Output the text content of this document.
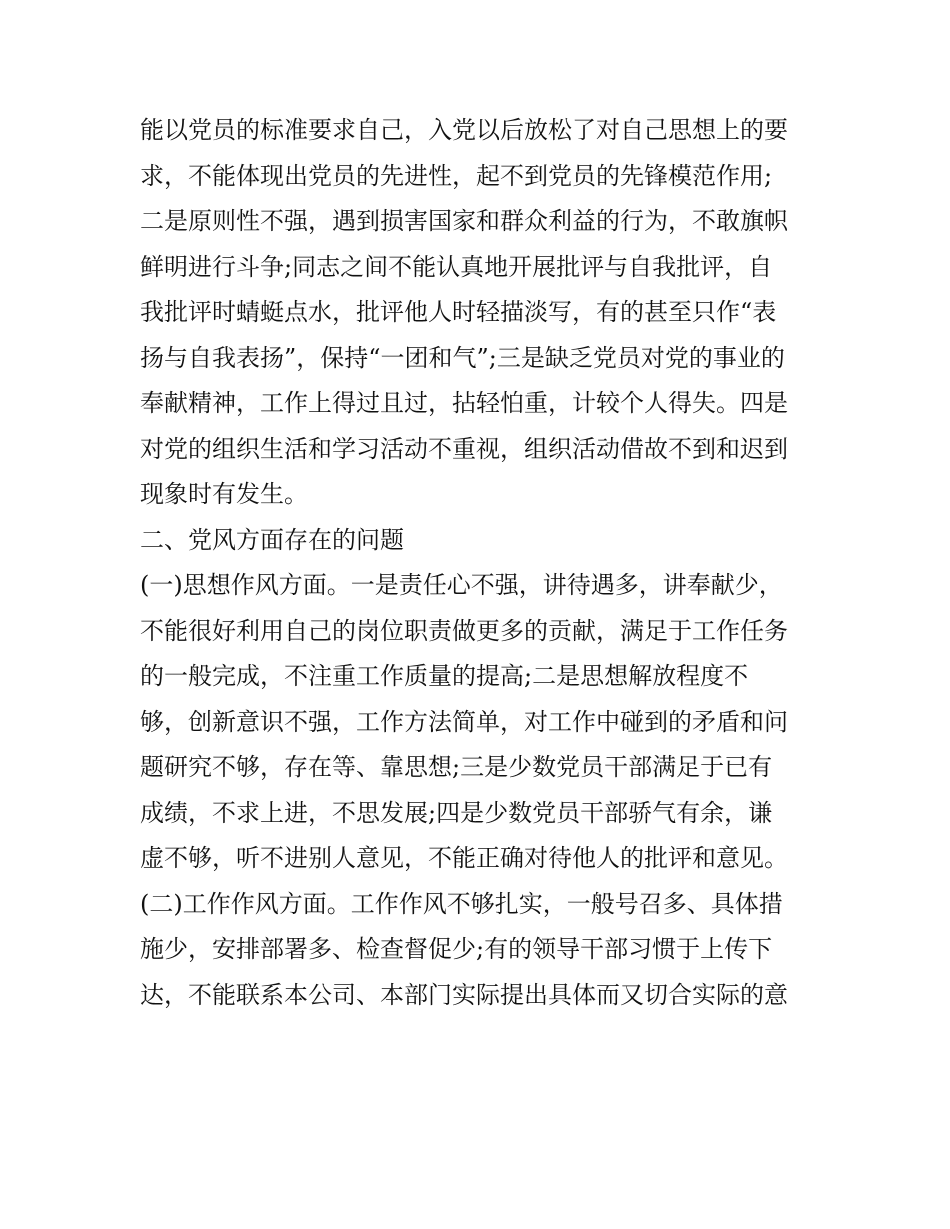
能以党员的标准要求自己，入党以后放松了对自己思想上的要
求，不能体现出党员的先进性，起不到党员的先锋模范作用;
二是原则性不强，遇到损害国家和群众利益的行为，不敢旗帜
鲜明进行斗争;同志之间不能认真地开展批评与自我批评，自
我批评时蜻蜓点水，批评他人时轻描淡写，有的甚至只作“表
扬与自我表扬”，保持“一团和气”;三是缺乏党员对党的事业的
奉献精神，工作上得过且过，拈轻怕重，计较个人得失。四是
对党的组织生活和学习活动不重视，组织活动借故不到和迟到
现象时有发生。
二、党风方面存在的问题
(一)思想作风方面。一是责任心不强，讲待遇多，讲奉献少，
不能很好利用自己的岗位职责做更多的贡献，满足于工作任务
的一般完成，不注重工作质量的提高;二是思想解放程度不
够，创新意识不强，工作方法简单，对工作中碰到的矛盾和问
题研究不够，存在等、靠思想;三是少数党员干部满足于已有
成绩，不求上进，不思发展;四是少数党员干部骄气有余，谦
虚不够，听不进别人意见，不能正确对待他人的批评和意见。
(二)工作作风方面。工作作风不够扎实，一般号召多、具体措
施少，安排部署多、检查督促少;有的领导干部习惯于上传下
达，不能联系本公司、本部门实际提出具体而又切合实际的意
